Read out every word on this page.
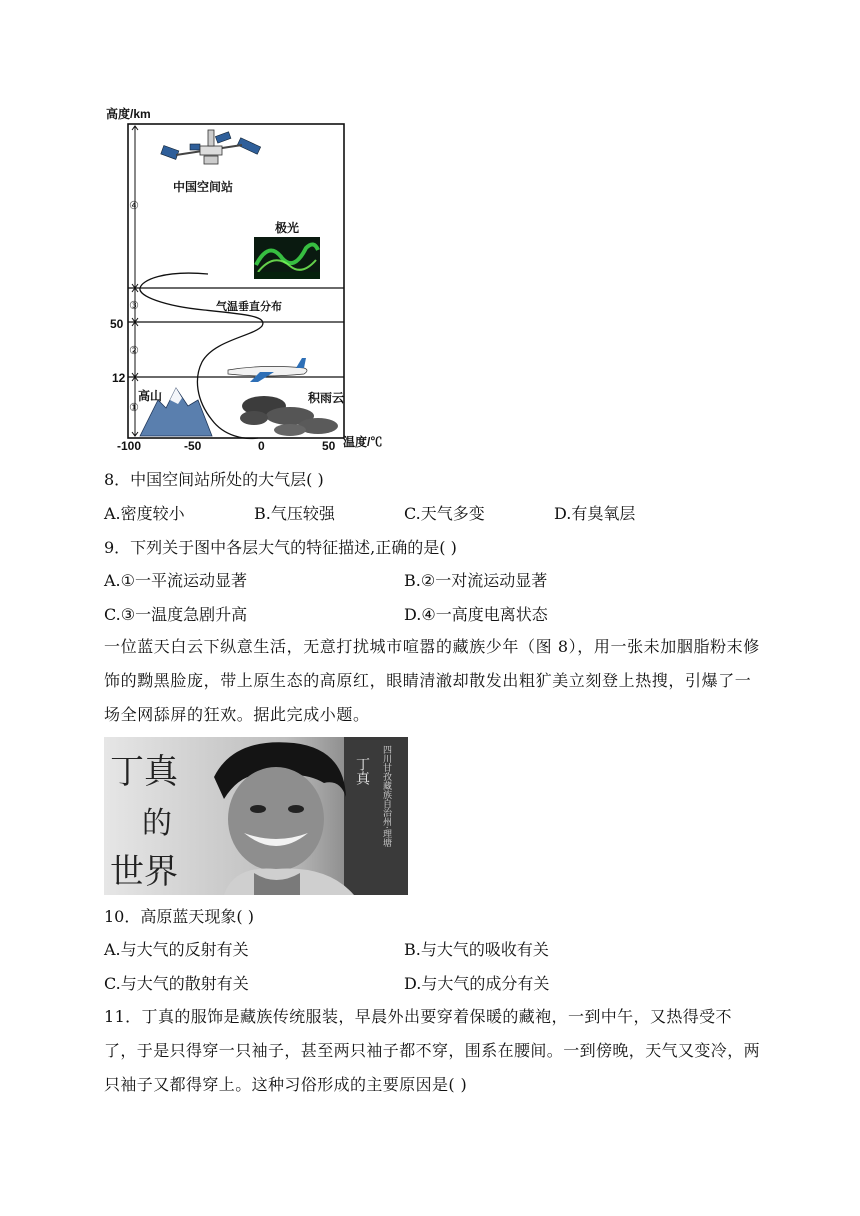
高度/km
温度/℃
-100	-50	0	50
50
12
④
③
②
①
中国空间站
极光
气温垂直分布
高山	积雨云
8．中国空间站所处的大气层( )
A.密度较小	B.气压较强	C.天气多变	D.有臭氧层
9．下列关于图中各层大气的特征描述,正确的是( )
A.①一平流运动显著	B.②一对流运动显著
C.③一温度急剧升高	D.④一高度电离状态
一位蓝天白云下纵意生活，无意打扰城市喧嚣的藏族少年（图 8），用一张未加胭脂粉末修饰的黝黑脸庞，带上原生态的高原红，眼睛清澈却散发出粗犷美立刻登上热搜，引爆了一场全网舔屏的狂欢。据此完成小题。
丁真
的
世界
丁真 四川甘孜藏族自治州·理塘
10．高原蓝天现象( )
A.与大气的反射有关	B.与大气的吸收有关
C.与大气的散射有关	D.与大气的成分有关
11．丁真的服饰是藏族传统服装，早晨外出要穿着保暖的藏袍，一到中午，又热得受不了，于是只得穿一只袖子，甚至两只袖子都不穿，围系在腰间。一到傍晚，天气又变冷，两只袖子又都得穿上。这种习俗形成的主要原因是( )
